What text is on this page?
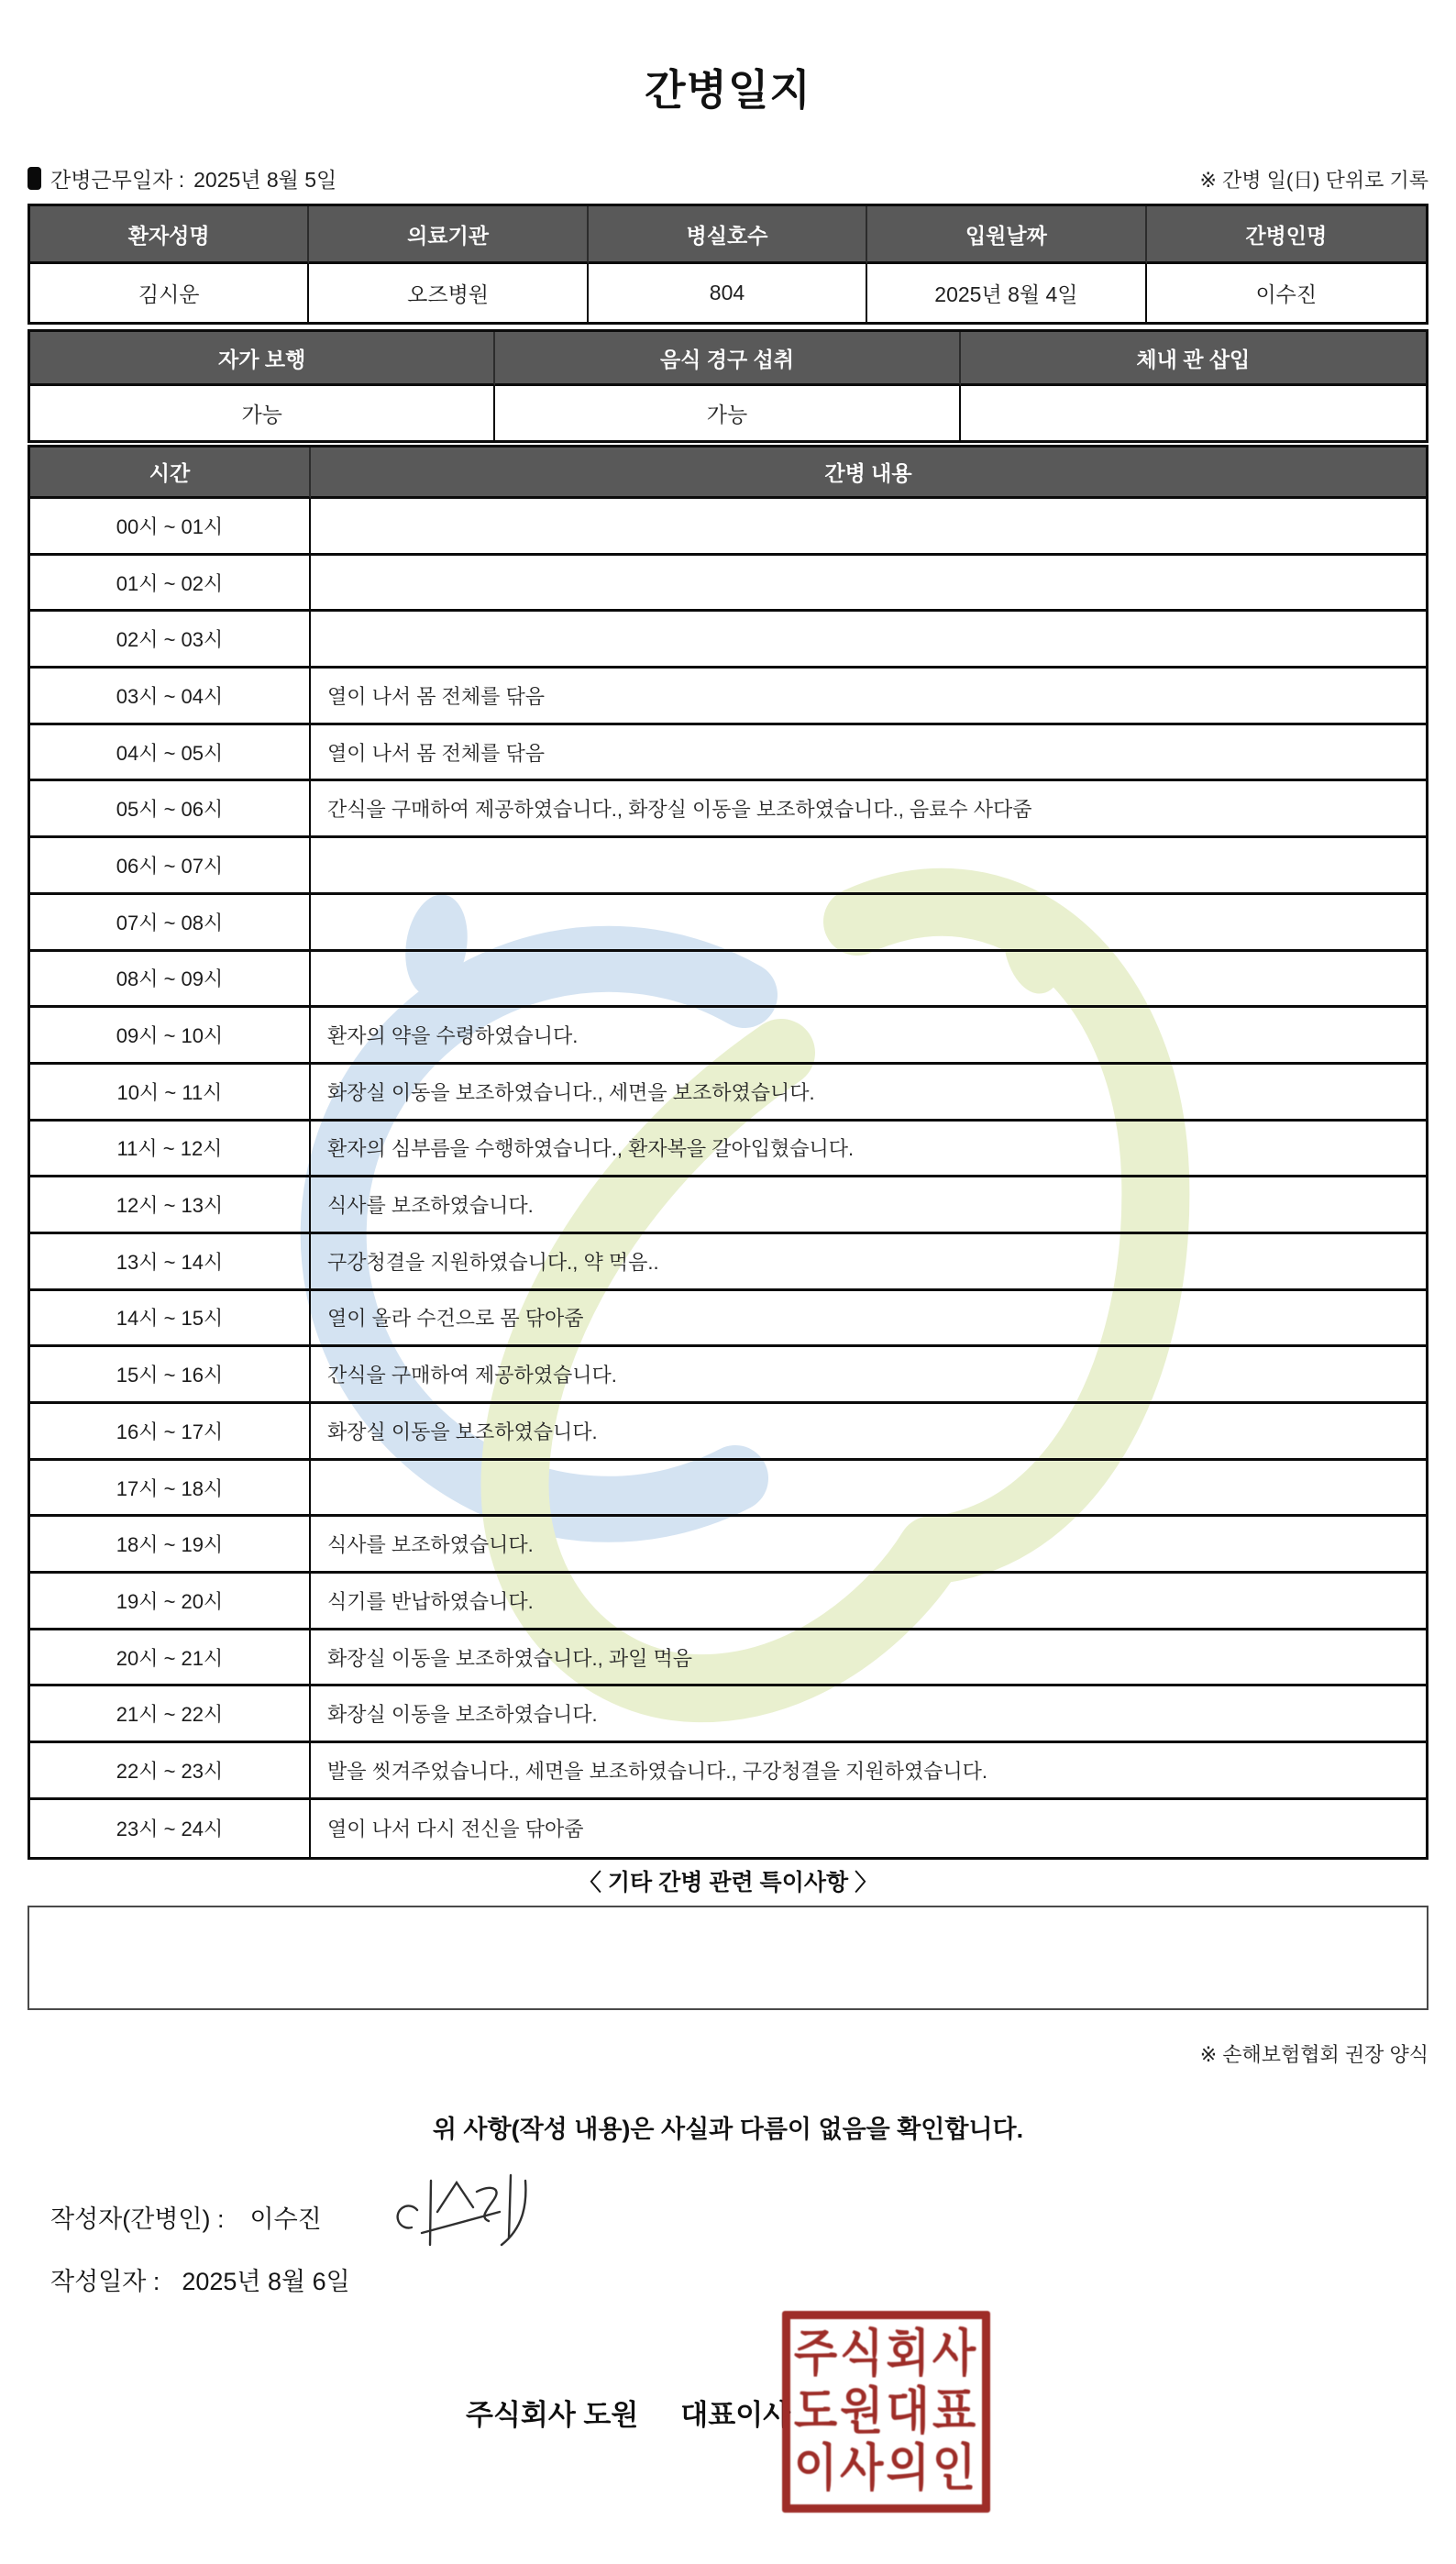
간병일지
간병근무일자 : 2025년 8월 5일	※ 간병 일(日) 단위로 기록
환자성명	의료기관	병실호수	입원날짜	간병인명
김시운	오즈병원	804	2025년 8월 4일	이수진
자가 보행	음식 경구 섭취	체내 관 삽입
가능	가능
시간	간병 내용
00시 ~ 01시
01시 ~ 02시
02시 ~ 03시
03시 ~ 04시	열이 나서 몸 전체를 닦음
04시 ~ 05시	열이 나서 몸 전체를 닦음
05시 ~ 06시	간식을 구매하여 제공하였습니다., 화장실 이동을 보조하였습니다., 음료수 사다줌
06시 ~ 07시
07시 ~ 08시
08시 ~ 09시
09시 ~ 10시	환자의 약을 수령하였습니다.
10시 ~ 11시	화장실 이동을 보조하였습니다., 세면을 보조하였습니다.
11시 ~ 12시	환자의 심부름을 수행하였습니다., 환자복을 갈아입혔습니다.
12시 ~ 13시	식사를 보조하였습니다.
13시 ~ 14시	구강청결을 지원하였습니다., 약 먹음..
14시 ~ 15시	열이 올라 수건으로 몸 닦아줌
15시 ~ 16시	간식을 구매하여 제공하였습니다.
16시 ~ 17시	화장실 이동을 보조하였습니다.
17시 ~ 18시
18시 ~ 19시	식사를 보조하였습니다.
19시 ~ 20시	식기를 반납하였습니다.
20시 ~ 21시	화장실 이동을 보조하였습니다., 과일 먹음
21시 ~ 22시	화장실 이동을 보조하였습니다.
22시 ~ 23시	발을 씻겨주었습니다., 세면을 보조하였습니다., 구강청결을 지원하였습니다.
23시 ~ 24시	열이 나서 다시 전신을 닦아줌
〈 기타 간병 관련 특이사항 〉
※ 손해보험협회 권장 양식
위 사항(작성 내용)은 사실과 다름이 없음을 확인합니다.
작성자(간병인) : 이수진
작성일자 : 2025년 8월 6일
주식회사 도원 대표이사
주식회사
도원대표
이사의인
